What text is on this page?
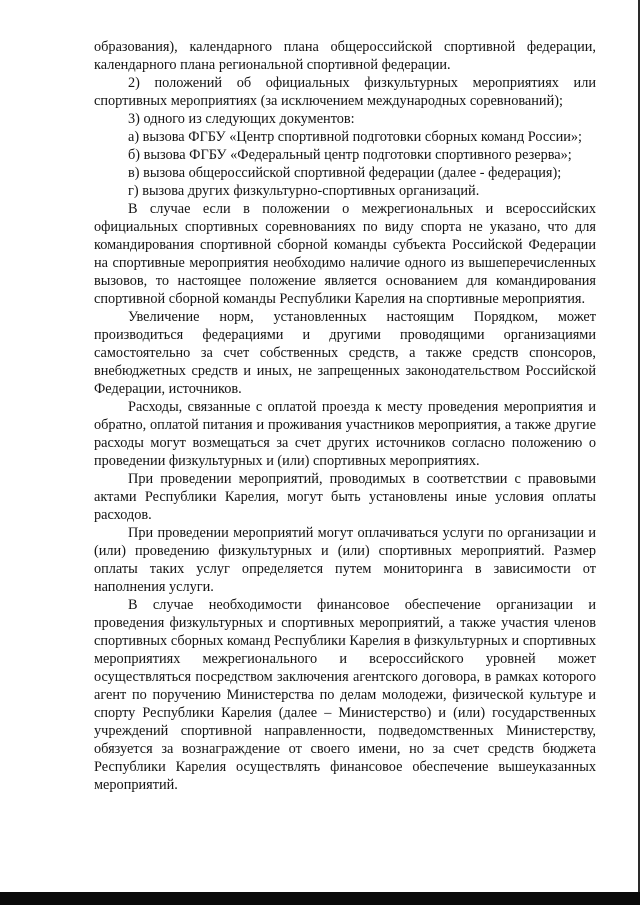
образования), календарного плана общероссийской спортивной федерации, календарного плана региональной спортивной федерации.

2) положений об официальных физкультурных мероприятиях или спортивных мероприятиях (за исключением международных соревнований);

3) одного из следующих документов:

а) вызова ФГБУ «Центр спортивной подготовки сборных команд России»;

б) вызова ФГБУ «Федеральный центр подготовки спортивного резерва»;

в) вызова общероссийской спортивной федерации (далее - федерация);

г) вызова других физкультурно-спортивных организаций.

В случае если в положении о межрегиональных и всероссийских официальных спортивных соревнованиях по виду спорта не указано, что для командирования спортивной сборной команды субъекта Российской Федерации на спортивные мероприятия необходимо наличие одного из вышеперечисленных вызовов, то настоящее положение является основанием для командирования спортивной сборной команды Республики Карелия на спортивные мероприятия.

Увеличение норм, установленных настоящим Порядком, может производиться федерациями и другими проводящими организациями самостоятельно за счет собственных средств, а также средств спонсоров, внебюджетных средств и иных, не запрещенных законодательством Российской Федерации, источников.

Расходы, связанные с оплатой проезда к месту проведения мероприятия и обратно, оплатой питания и проживания участников мероприятия, а также другие расходы могут возмещаться за счет других источников согласно положению о проведении физкультурных и (или) спортивных мероприятиях.

При проведении мероприятий, проводимых в соответствии с правовыми актами Республики Карелия, могут быть установлены иные условия оплаты расходов.

При проведении мероприятий могут оплачиваться услуги по организации и (или) проведению физкультурных и (или) спортивных мероприятий. Размер оплаты таких услуг определяется путем мониторинга в зависимости от наполнения услуги.

В случае необходимости финансовое обеспечение организации и проведения физкультурных и спортивных мероприятий, а также участия членов спортивных сборных команд Республики Карелия в физкультурных и спортивных мероприятиях межрегионального и всероссийского уровней может осуществляться посредством заключения агентского договора, в рамках которого агент по поручению Министерства по делам молодежи, физической культуре и спорту Республики Карелия (далее – Министерство) и (или) государственных учреждений спортивной направленности, подведомственных Министерству, обязуется за вознаграждение от своего имени, но за счет средств бюджета Республики Карелия осуществлять финансовое обеспечение вышеуказанных мероприятий.
